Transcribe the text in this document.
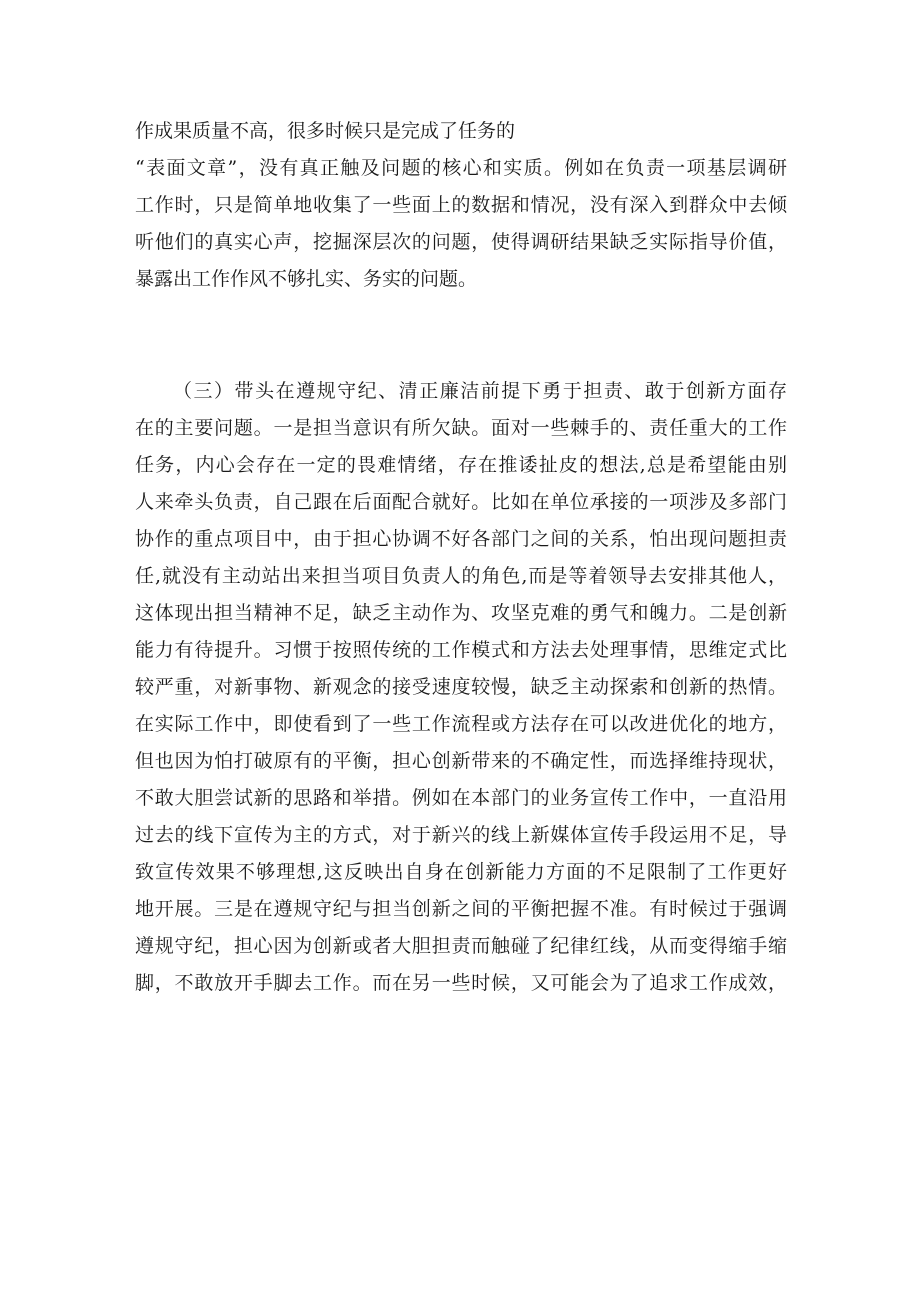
作成果质量不高，很多时候只是完成了任务的
“表面文章”，没有真正触及问题的核心和实质。例如在负责一项基层调研
工作时，只是简单地收集了一些面上的数据和情况，没有深入到群众中去倾
听他们的真实心声，挖掘深层次的问题，使得调研结果缺乏实际指导价值，
暴露出工作作风不够扎实、务实的问题。
（三）带头在遵规守纪、清正廉洁前提下勇于担责、敢于创新方面存
在的主要问题。一是担当意识有所欠缺。面对一些棘手的、责任重大的工作
任务，内心会存在一定的畏难情绪，存在推诿扯皮的想法,总是希望能由别
人来牵头负责，自己跟在后面配合就好。比如在单位承接的一项涉及多部门
协作的重点项目中，由于担心协调不好各部门之间的关系，怕出现问题担责
任,就没有主动站出来担当项目负责人的角色,而是等着领导去安排其他人，
这体现出担当精神不足，缺乏主动作为、攻坚克难的勇气和魄力。二是创新
能力有待提升。习惯于按照传统的工作模式和方法去处理事情，思维定式比
较严重，对新事物、新观念的接受速度较慢，缺乏主动探索和创新的热情。
在实际工作中，即使看到了一些工作流程或方法存在可以改进优化的地方，
但也因为怕打破原有的平衡，担心创新带来的不确定性，而选择维持现状，
不敢大胆尝试新的思路和举措。例如在本部门的业务宣传工作中，一直沿用
过去的线下宣传为主的方式，对于新兴的线上新媒体宣传手段运用不足，导
致宣传效果不够理想,这反映出自身在创新能力方面的不足限制了工作更好
地开展。三是在遵规守纪与担当创新之间的平衡把握不准。有时候过于强调
遵规守纪，担心因为创新或者大胆担责而触碰了纪律红线，从而变得缩手缩
脚，不敢放开手脚去工作。而在另一些时候，又可能会为了追求工作成效，
